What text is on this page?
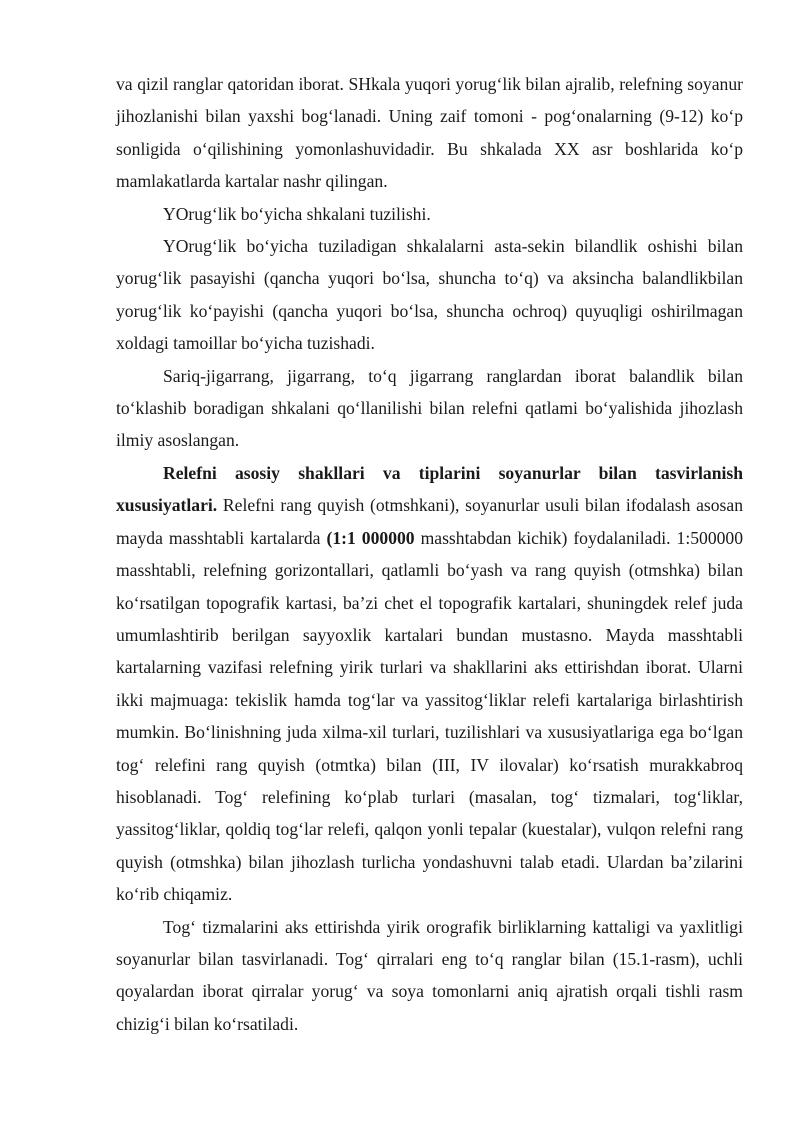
va qizil ranglar qatoridan iborat. SHkala yuqori yorug‘lik bilan ajralib, relefning soyanur jihozlanishi bilan yaxshi bog‘lanadi. Uning zaif tomoni - pog‘onalarning (9-12) ko‘p sonligida o‘qilishining yomonlashuvidadir. Bu shkalada XX asr boshlarida ko‘p mamlakatlarda kartalar nashr qilingan.

YOrug‘lik bo‘yicha shkalani tuzilishi.

YOrug‘lik bo‘yicha tuziladigan shkalalarni asta-sekin bilandlik oshishi bilan yorug‘lik pasayishi (qancha yuqori bo‘lsa, shuncha to‘q) va aksincha balandlikbilan yorug‘lik ko‘payishi (qancha yuqori bo‘lsa, shuncha ochroq) quyuqligi oshirilmagan xoldagi tamoillar bo‘yicha tuzishadi.

Sariq-jigarrang, jigarrang, to‘q jigarrang ranglardan iborat balandlik bilan to‘klashib boradigan shkalani qo‘llanilishi bilan relefni qatlami bo‘yalishida jihozlash ilmiy asoslangan.

Relefni asosiy shakllari va tiplarini soyanurlar bilan tasvirlanish xususiyatlari. Relefni rang quyish (otmshkani), soyanurlar usuli bilan ifodalash asosan mayda masshtabli kartalarda (1:1 000000 masshtabdan kichik) foydalaniladi. 1:500000 masshtabli, relefning gorizontallari, qatlamli bo‘yash va rang quyish (otmshka) bilan ko‘rsatilgan topografik kartasi, ba’zi chet el topografik kartalari, shuningdek relef juda umumlashtirib berilgan sayyoxlik kartalari bundan mustasno. Mayda masshtabli kartalarning vazifasi relefning yirik turlari va shakllarini aks ettirishdan iborat. Ularni ikki majmuaga: tekislik hamda tog‘lar va yassitog‘liklar relefi kartalariga birlashtirish mumkin. Bo‘linishning juda xilma-xil turlari, tuzilishlari va xususiyatlariga ega bo‘lgan tog‘ relefini rang quyish (otmtka) bilan (III, IV ilovalar) ko‘rsatish murakkabroq hisoblanadi. Tog‘ relefining ko‘plab turlari (masalan, tog‘ tizmalari, tog‘liklar, yassitog‘liklar, qoldiq tog‘lar relefi, qalqon yonli tepalar (kuestalar), vulqon relefni rang quyish (otmshka) bilan jihozlash turlicha yondashuvni talab etadi. Ulardan ba’zilarini ko‘rib chiqamiz.

Tog‘ tizmalarini aks ettirishda yirik orografik birliklarning kattaligi va yaxlitligi soyanurlar bilan tasvirlanadi. Tog‘ qirralari eng to‘q ranglar bilan (15.1-rasm), uchli qoyalardan iborat qirralar yorug‘ va soya tomonlarni aniq ajratish orqali tishli rasm chizig‘i bilan ko‘rsatiladi.
